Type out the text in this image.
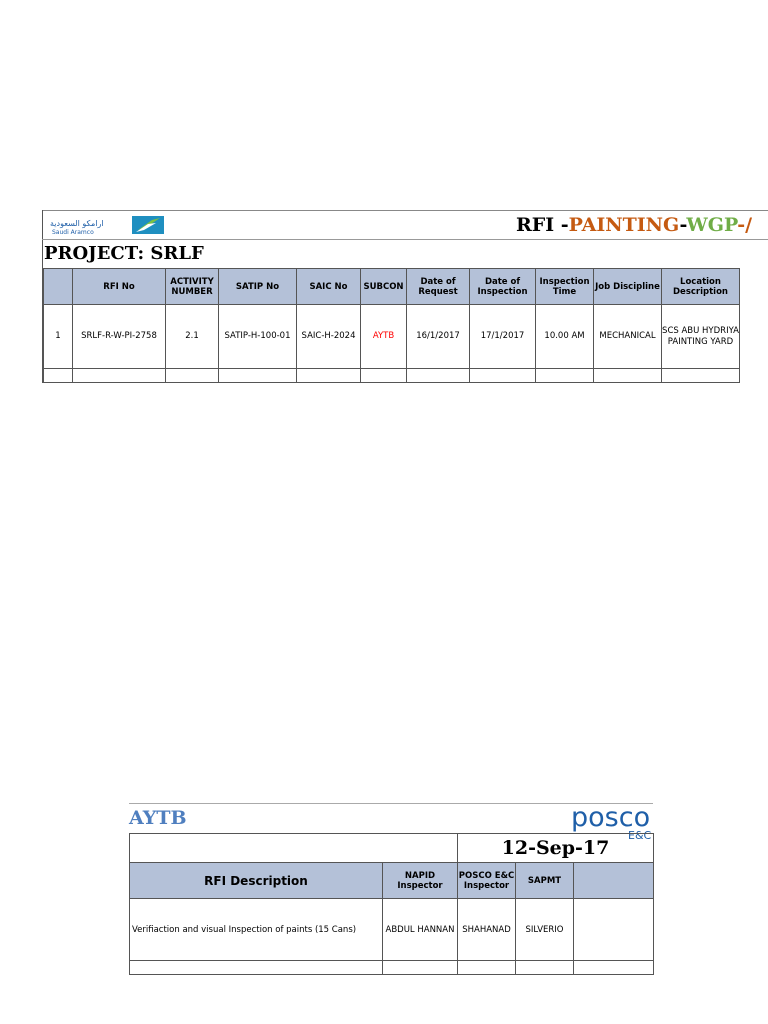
ارامكو السعودية
Saudi Aramco	RFI -PAINTING-WGP-/
PROJECT: SRLF
	RFI No	ACTIVITY NUMBER	SATIP No	SAIC No	SUBCON	Date of Request	Date of Inspection	Inspection Time	Job Discipline	Location Description
1	SRLF-R-W-PI-2758	2.1	SATIP-H-100-01	SAIC-H-2024	AYTB	16/1/2017	17/1/2017	10.00 AM	MECHANICAL	SCS ABU HYDRIYA PAINTING YARD

AYTB	posco
E&C
	12-Sep-17
RFI Description	NAPID Inspector	POSCO E&C Inspector	SAPMT	
Verifiaction and visual Inspection of paints (15 Cans)	ABDUL HANNAN	SHAHANAD	SILVERIO	
